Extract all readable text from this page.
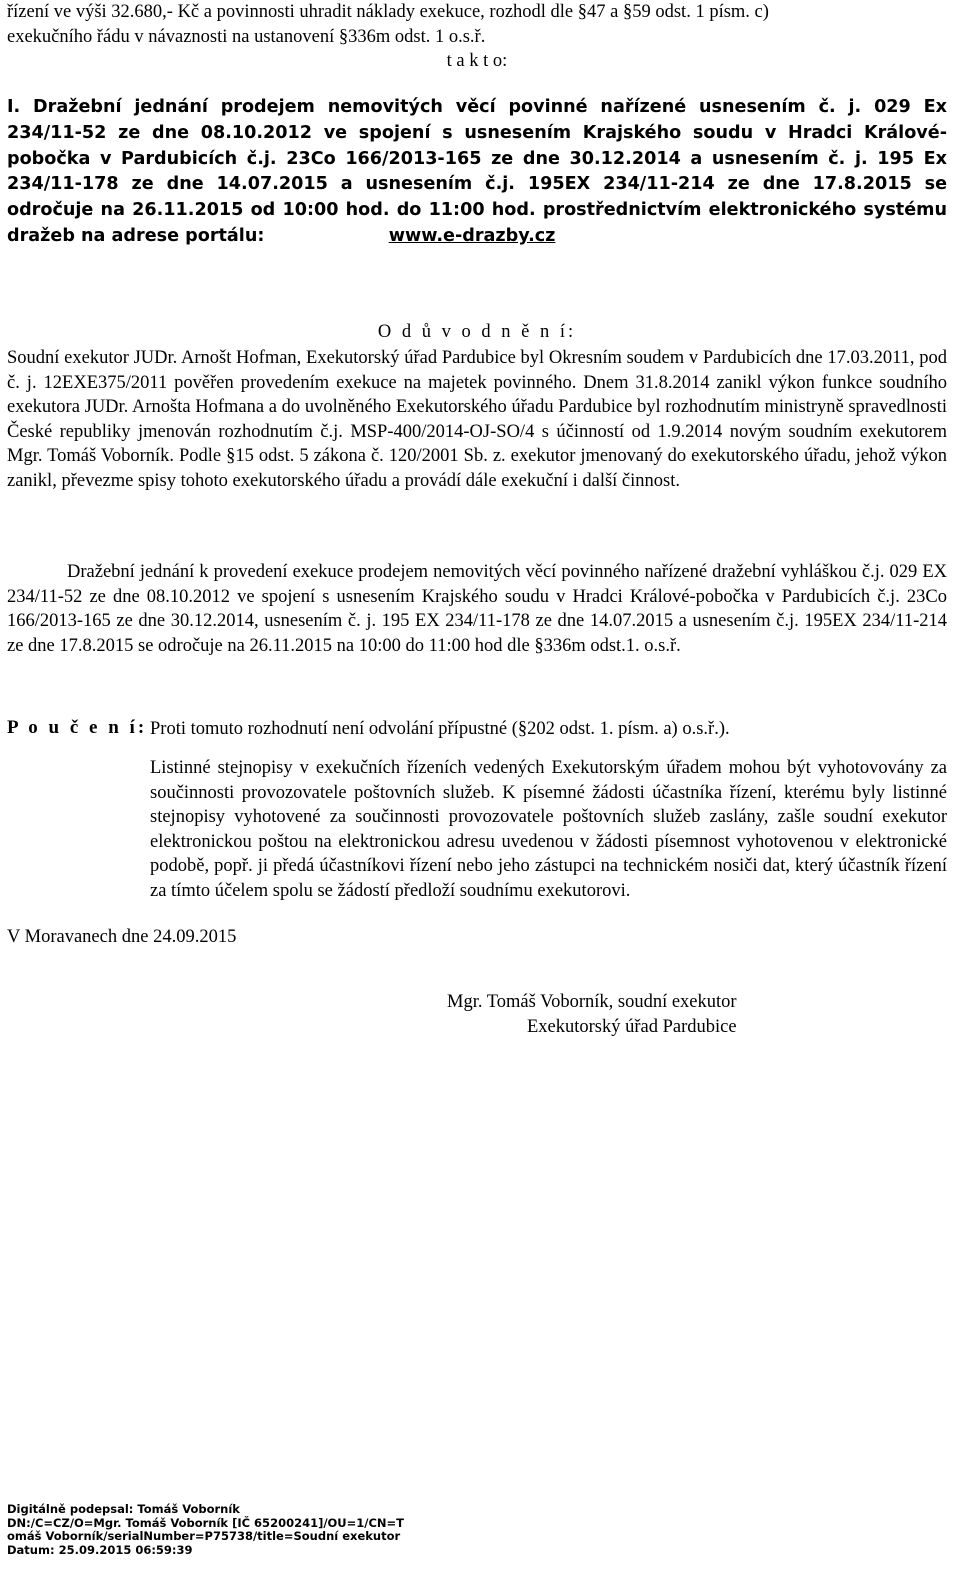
řízení ve výši 32.680,- Kč a povinnosti uhradit náklady exekuce, rozhodl dle §47 a §59 odst. 1 písm. c)
exekučního řádu v návaznosti na ustanovení §336m odst. 1 o.s.ř.
t a k t o:
I. Dražební jednání prodejem nemovitých věcí povinné nařízené usnesením č. j. 029 Ex 234/11-52 ze dne 08.10.2012 ve spojení s usnesením Krajského soudu v Hradci Králové-pobočka v Pardubicích č.j. 23Co 166/2013-165 ze dne 30.12.2014 a usnesením č. j. 195 Ex 234/11-178 ze dne 14.07.2015 a usnesením č.j. 195EX 234/11-214 ze dne 17.8.2015 se odročuje na 26.11.2015 od 10:00 hod. do 11:00 hod. prostřednictvím elektronického systému dražeb na adrese portálu:	www.e-drazby.cz
O d ů v o d n ě n í:
Soudní exekutor JUDr. Arnošt Hofman, Exekutorský úřad Pardubice byl Okresním soudem v Pardubicích dne 17.03.2011, pod č. j. 12EXE375/2011 pověřen provedením exekuce na majetek povinného. Dnem 31.8.2014 zanikl výkon funkce soudního exekutora JUDr. Arnošta Hofmana a do uvolněného Exekutorského úřadu Pardubice byl rozhodnutím ministryně spravedlnosti České republiky jmenován rozhodnutím č.j. MSP-400/2014-OJ-SO/4 s účinností od 1.9.2014 novým soudním exekutorem Mgr. Tomáš Voborník. Podle §15 odst. 5 zákona č. 120/2001 Sb. z. exekutor jmenovaný do exekutorského úřadu, jehož výkon zanikl, převezme spisy tohoto exekutorského úřadu a provádí dále exekuční i další činnost.
Dražební jednání k provedení exekuce prodejem nemovitých věcí povinného nařízené dražební vyhláškou č.j. 029 EX 234/11-52 ze dne 08.10.2012 ve spojení s usnesením Krajského soudu v Hradci Králové-pobočka v Pardubicích č.j. 23Co 166/2013-165 ze dne 30.12.2014, usnesením č. j. 195 EX 234/11-178 ze dne 14.07.2015 a usnesením č.j. 195EX 234/11-214 ze dne 17.8.2015 se odročuje na 26.11.2015 na 10:00 do 11:00 hod dle §336m odst.1. o.s.ř.
P o u č e n í: Proti tomuto rozhodnutí není odvolání přípustné (§202 odst. 1. písm. a) o.s.ř.).
Listinné stejnopisy v exekučních řízeních vedených Exekutorským úřadem mohou být vyhotovovány za součinnosti provozovatele poštovních služeb. K písemné žádosti účastníka řízení, kterému byly listinné stejnopisy vyhotovené za součinnosti provozovatele poštovních služeb zaslány, zašle soudní exekutor elektronickou poštou na elektronickou adresu uvedenou v žádosti písemnost vyhotovenou v elektronické podobě, popř. ji předá účastníkovi řízení nebo jeho zástupci na technickém nosiči dat, který účastník řízení za tímto účelem spolu se žádostí předloží soudnímu exekutorovi.
V Moravanech dne 24.09.2015
Mgr. Tomáš Voborník, soudní exekutor
Exekutorský úřad Pardubice
Digitálně podepsal: Tomáš Voborník
DN:/C=CZ/O=Mgr. Tomáš Voborník [IČ 65200241]/OU=1/CN=T
omáš Voborník/serialNumber=P75738/title=Soudní exekutor
Datum: 25.09.2015 06:59:39
